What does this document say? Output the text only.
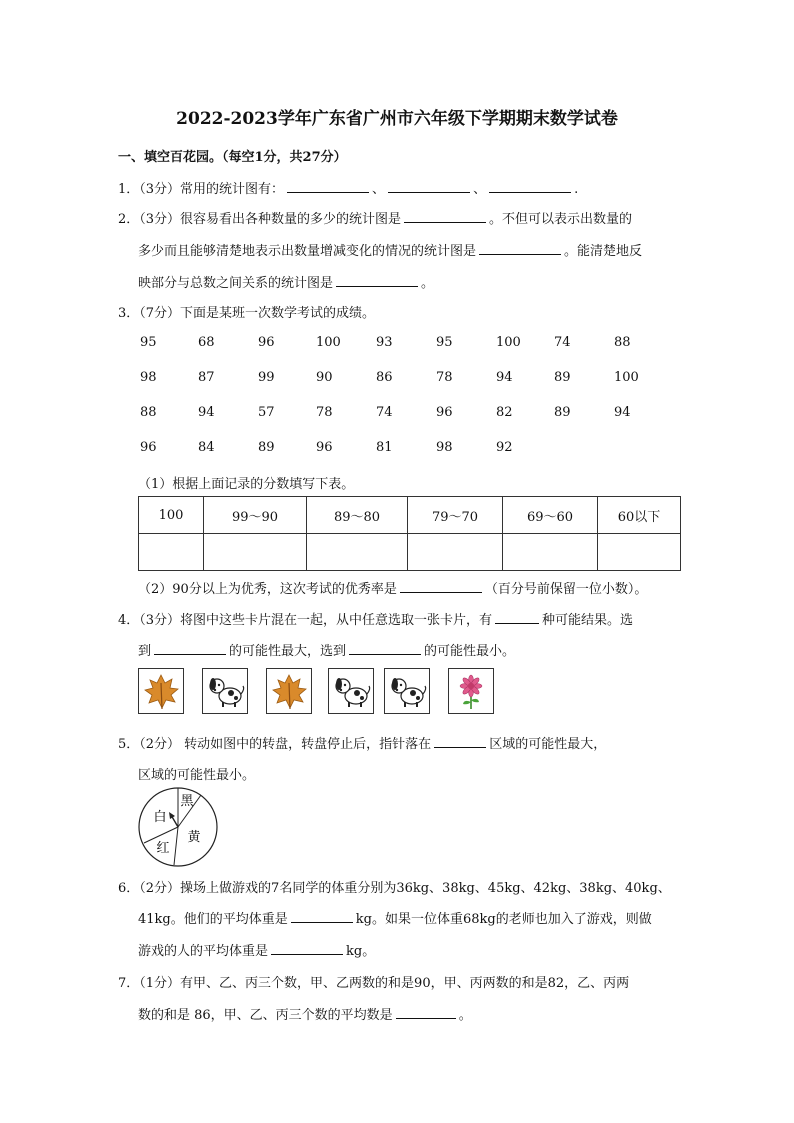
2022-2023学年广东省广州市六年级下学期期末数学试卷
一、填空百花园。（每空1分，共27分）
1．（3分）常用的统计图有：	、	、	.
2．（3分）很容易看出各种数量的多少的统计图是	。不但可以表示出数量的
多少而且能够清楚地表示出数量增减变化的情况的统计图是	。能清楚地反
映部分与总数之间关系的统计图是	。
3．（7分）下面是某班一次数学考试的成绩。
95	68	96	100	93	95	100	74	88
98	87	99	90	86	78	94	89	100
88	94	57	78	74	96	82	89	94
96	84	89	96	81	98	92
（1）根据上面记录的分数填写下表。
100	99～90	89～80	79～70	69～60	60以下

（2）90分以上为优秀，这次考试的优秀率是	（百分号前保留一位小数）。
4．（3分）将图中这些卡片混在一起，从中任意选取一张卡片，有	种可能结果。选
到	的可能性最大，选到	的可能性最小。
5．（2分） 转动如图中的转盘，转盘停止后，指针落在	区域的可能性最大，
区域的可能性最小。
黑
白
黄
红
6．（2分）操场上做游戏的7名同学的体重分别为36kg、38kg、45kg、42kg、38kg、40kg、
41kg。他们的平均体重是	kg。如果一位体重68kg的老师也加入了游戏，则做
游戏的人的平均体重是	kg。
7．（1分）有甲、乙、丙三个数，甲、乙两数的和是90，甲、丙两数的和是82，乙、丙两
数的和是 86，甲、乙、丙三个数的平均数是	。
